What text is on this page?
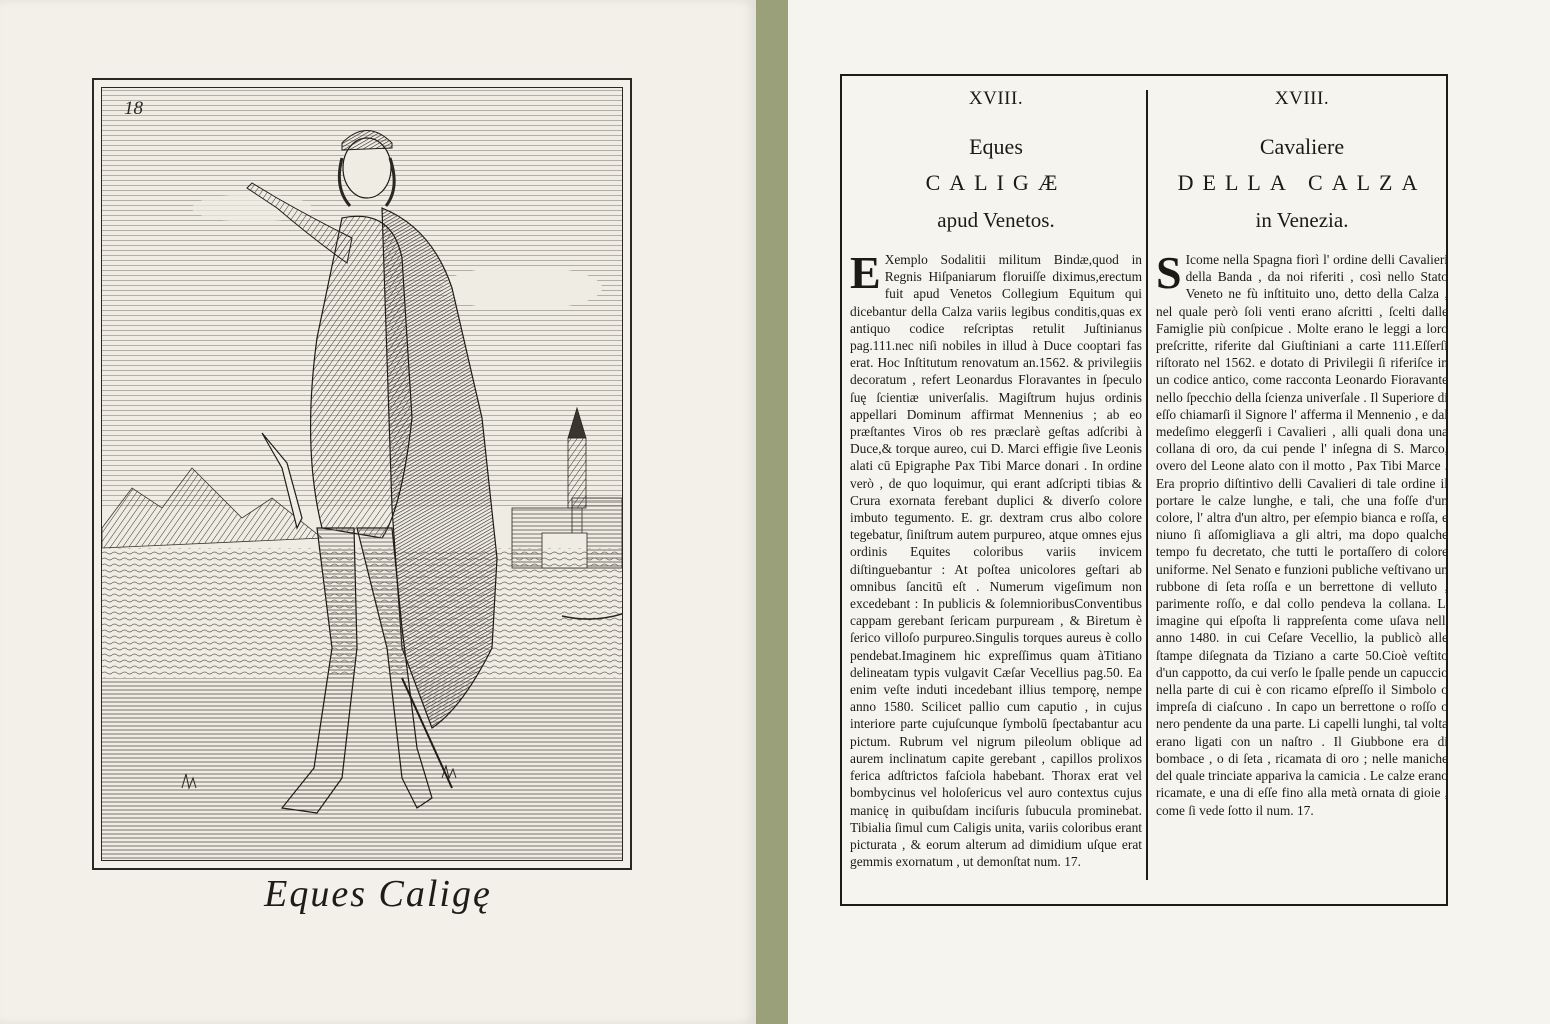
18
Eques Caligę
XVIII.
Eques
CALIGÆ
apud Venetos.
E Xemplo Sodalitii militum Bindæ,quod in Regnis Hiſpaniarum floruiſſe diximus,erectum fuit apud Venetos Collegium Equitum qui dicebantur della Calza variis legibus conditis,quas ex antiquo codice reſcriptas retulit Juſtinianus pag.111.nec niſi nobiles in illud à Duce cooptari fas erat. Hoc Inſtitutum renovatum an.1562. & privilegiis decoratum , refert Leonardus Floravantes in ſpeculo ſuę ſcientiæ univerſalis. Magiſtrum hujus ordinis appellari Dominum affirmat Mennenius ; ab eo præſtantes Viros ob res præclarè geſtas adſcribi à Duce,& torque aureo, cui D. Marci effigie ſive Leonis alati cū Epigraphe Pax Tibi Marce donari . In ordine verò , de quo loquimur, qui erant adſcripti tibias & Crura exornata ferebant duplici & diverſo colore imbuto tegumento. E. gr. dextram crus albo colore tegebatur, ſiniſtrum autem purpureo, atque omnes ejus ordinis Equites coloribus variis invicem diſtinguebantur : At poſtea unicolores geſtari ab omnibus ſancitū eſt . Numerum vigeſimum non excedebant : In publicis & ſolemnioribusConventibus cappam gerebant ſericam purpuream , & Biretum è ſerico villoſo purpureo.Singulis torques aureus è collo pendebat.Imaginem hic expreſſimus quam àTitiano delineatam typis vulgavit Cæſar Vecellius pag.50. Ea enim veſte induti incedebant illius temporę, nempe anno 1580. Scilicet pallio cum caputio , in cujus interiore parte cujuſcunque ſymbolū ſpectabantur acu pictum. Rubrum vel nigrum pileolum oblique ad aurem inclinatum capite gerebant , capillos prolixos ferica adſtrictos faſciola habebant. Thorax erat vel bombycinus vel holoſericus vel auro contextus cujus manicę in quibuſdam inciſuris ſubucula prominebat. Tibialia ſimul cum Caligis unita, variis coloribus erant picturata , & eorum alterum ad dimidium uſque erat gemmis exornatum , ut demonſtat num. 17.
XVIII.
Cavaliere
DELLA CALZA
in Venezia.
S Icome nella Spagna fiorì l' ordine delli Cavalieri della Banda , da noi riferiti , così nello Stato Veneto ne fù inſtituito uno, detto della Calza , nel quale però ſoli venti erano aſcritti , ſcelti dalle Famiglie più conſpicue . Molte erano le leggi a loro preſcritte, riferite dal Giuſtiniani a carte 111.Eſſerſi riſtorato nel 1562. e dotato di Privilegii ſi riferiſce in un codice antico, come racconta Leonardo Fioravante nello ſpecchio della ſcienza univerſale . Il Superiore di eſſo chiamarſi il Signore l' afferma il Mennenio , e dal medeſimo eleggerſi i Cavalieri , alli quali dona una collana di oro, da cui pende l' inſegna di S. Marco, overo del Leone alato con il motto , Pax Tibi Marce . Era proprio diſtintivo delli Cavalieri di tale ordine il portare le calze lunghe, e tali, che una foſſe d'un colore, l' altra d'un altro, per eſempio bianca e roſſa, e niuno ſi aſſomigliava a gli altri, ma dopo qualche tempo fu decretato, che tutti le portaſſero di colore uniforme. Nel Senato e funzioni publiche veſtivano un rubbone di ſeta roſſa e un berrettone di velluto , parimente roſſo, e dal collo pendeva la collana. L' imagine qui eſpoſta li rappreſenta come uſava nell' anno 1480. in cui Ceſare Vecellio, la publicò alle ſtampe diſegnata da Tiziano a carte 50.Cioè veſtito d'un cappotto, da cui verſo le ſpalle pende un capuccio nella parte di cui è con ricamo eſpreſſo il Simbolo o impreſa di ciaſcuno . In capo un berrettone o roſſo o nero pendente da una parte. Li capelli lunghi, tal volta erano ligati con un naſtro . Il Giubbone era di bombace , o di ſeta , ricamata di oro ; nelle maniche del quale trinciate appariva la camicia . Le calze erano ricamate, e una di eſſe fino alla metà ornata di gioie , come ſi vede ſotto il num. 17.
